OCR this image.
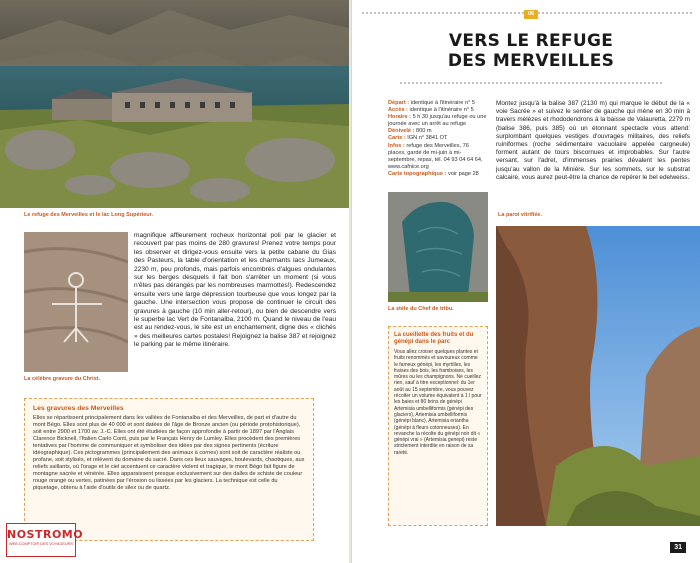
Le refuge des Merveilles et le lac Long Supérieur.
La célèbre gravure du Christ.
magnifique affleurement rocheux horizontal poli par le glacier et recouvert par pas moins de 280 gravures! Prenez votre temps pour les observer et dirigez-vous ensuite vers la petite cabane du Gias des Pasteurs, la table d'orientation et les charmants lacs Jumeaux, 2230 m, peu profonds, mais parfois encombrés d'algues ondulantes sur les berges desquels il fait bon s'arrêter un moment (si vous n'êtes pas dérangés par les nombreuses marmottes!). Redescendez ensuite vers une large dépression tourbeuse que vous longez par la gauche. Une intersection vous propose de continuer le circuit des gravures à gauche (10 min aller-retour), ou bien de descendre vers le superbe lac Vert de Fontanalba, 2100 m. Quand le niveau de l'eau est au rendez-vous, le site est un enchantement, digne des « clichés » des meilleures cartes postales! Rejoignez la balise 387 et rejoignez le parking par le même itinéraire.
Les gravures des Merveilles
Elles se répartissent principalement dans les vallées de Fontanalba et des Merveilles, de part et d'autre du mont Bégo. Elles sont plus de 40 000 et sont datées de l'âge de Bronze ancien (ou période protohistorique), soit entre 2900 et 1700 av. J.-C. Elles ont été étudiées de façon approfondie à partir de 1897 par l'Anglais Clarence Bicknell, l'Italien Carlo Conti, puis par le Français Henry de Lumley. Elles procèdent des premières tentatives par l'homme de communiquer et symboliser des idées par des signes pertinents (écriture idéographique). Ces pictogrammes (principalement des animaux à cornes) sont soit de caractère réaliste ou profane, soit stylisés, et relèvent du domaine du sacré. Dans ces lieux sauvages, boulevards, chaotiques, aux reliefs saillants, où l'orage et le ciel accentuent ce caractère violent et tragique, le mont Bégo fait figure de montagne sacrée et vénérée. Elles apparaissent presque exclusivement sur des dalles de schiste de couleur rouge orangé ou vertes, patinées par l'érosion ou lissées par les glaciers. La technique est celle du piquetage, obtenu à l'aide d'outils de silex ou de quartz.
NOSTROMO
WEB COMPTOIR DES VOYAGEURS
06
VERS LE REFUGE
DES MERVEILLES
Départ : identique à l'itinéraire n° 5
Accès : identique à l'itinéraire n° 5
Horaire : 5 h 30 jusqu'au refuge ou une journée avec un arrêt au refuge
Dénivelé : 800 m
Carte : IGN n° 3841 OT
Infos : refuge des Merveilles, 76 places, gardé de mi-juin à mi-septembre, repas, tél. 04 93 04 64 64, www.cafnice.org
Carte topographique : voir page 28
La stèle du Chef de tribu.
La cueillette des fruits et du génépi dans le parc
Vous allez croiser quelques plantes et fruits renommés et savoureux comme le fameux génépi, les myrtilles, les fraises des bois, les framboises, les mûres ou les champignons. Ne cueillez rien, sauf à titre exceptionnel: du 1er août au 15 septembre, vous pouvez récolter un volume équivalent à 1 l pour les baies et 80 brins de génépi Artemisia umbelliformis (génépi des glaciers), Artemisia umbelliformis (génépi blanc), Artemisia eriantha (génépi à fleurs cotonneuses). En revanche la récolte du génépi noir dit « génépi vrai » (Artemisia genepi) reste strictement interdite en raison de sa rareté.
Montez jusqu'à la balise 387 (2130 m) qui marque le début de la « voie Sacrée » et suivez le sentier de gauche qui mène en 30 min à travers mélèzes et rhododendrons à la baisse de Valauretta, 2279 m (balise 386, puis 385) où un étonnant spectacle vous attend: surplombant quelques vestiges d'ouvrages militaires, des reliefs ruiniformes (roche sédimentaire vacuolaire appelée cargneule) forment autant de tours biscornues et improbables. Sur l'autre versant, sur l'adret, d'immenses prairies dévalent les pentes jusqu'au vallon de la Minière. Sur les sommets, sur le substrat calcaire, vous aurez peut-être la chance de repérer le bel edelweiss.
La paroi vitrifiée.
31
